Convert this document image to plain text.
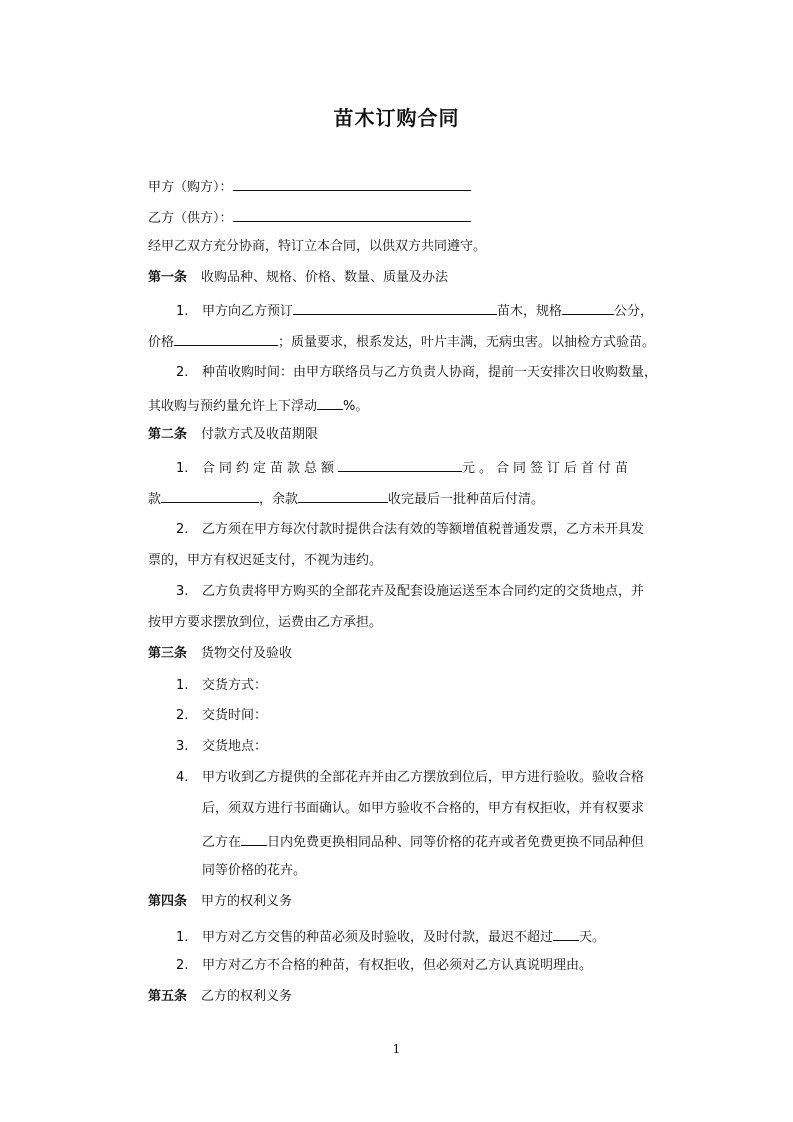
苗木订购合同
甲方（购方）：
乙方（供方）：
经甲乙双方充分协商，特订立本合同，以供双方共同遵守。
第一条 收购品种、规格、价格、数量、质量及办法
1. 甲方向乙方预订	苗木，规格	公分，
价格	；质量要求，根系发达，叶片丰满，无病虫害。以抽检方式验苗。
2. 种苗收购时间：由甲方联络员与乙方负责人协商，提前一天安排次日收购数量，
其收购与预约量允许上下浮动 %。
第二条 付款方式及收苗期限
1. 合同约定苗款总额	元。合同签订后首付苗
款	，余款	收完最后一批种苗后付清。
2. 乙方须在甲方每次付款时提供合法有效的等额增值税普通发票，乙方未开具发
票的，甲方有权迟延支付，不视为违约。
3. 乙方负责将甲方购买的全部花卉及配套设施运送至本合同约定的交货地点，并
按甲方要求摆放到位，运费由乙方承担。
第三条 货物交付及验收
1. 交货方式：
2. 交货时间：
3. 交货地点：
4. 甲方收到乙方提供的全部花卉并由乙方摆放到位后，甲方进行验收。验收合格
后，须双方进行书面确认。如甲方验收不合格的，甲方有权拒收，并有权要求
乙方在 日内免费更换相同品种、同等价格的花卉或者免费更换不同品种但
同等价格的花卉。
第四条 甲方的权利义务
1. 甲方对乙方交售的种苗必须及时验收，及时付款，最迟不超过 天。
2. 甲方对乙方不合格的种苗，有权拒收，但必须对乙方认真说明理由。
第五条 乙方的权利义务
1
